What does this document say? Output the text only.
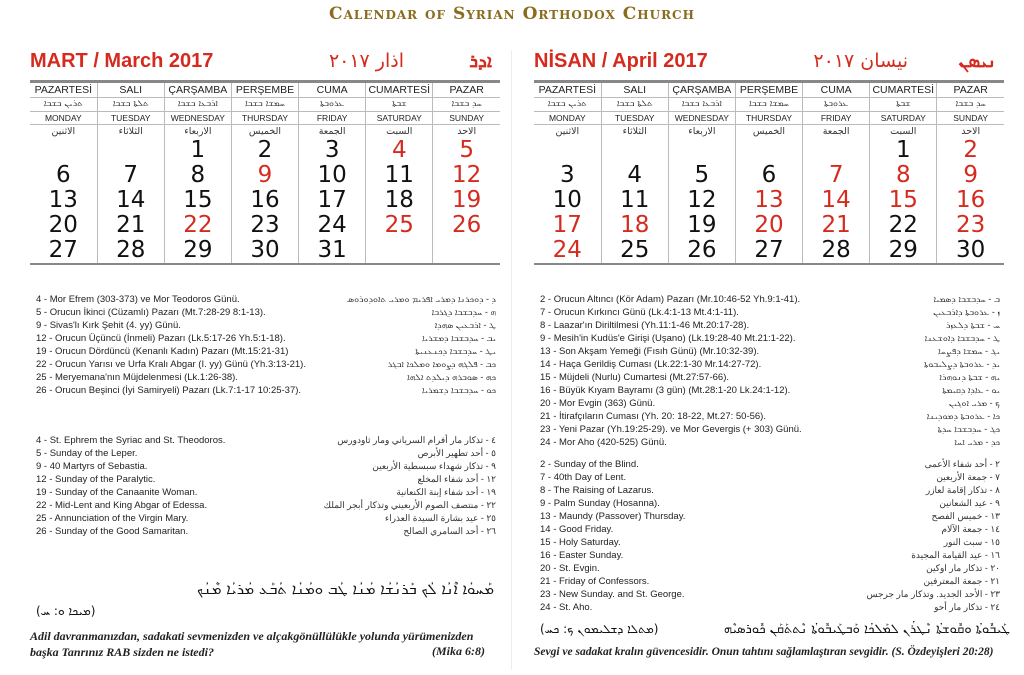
Calendar of Syrian Orthodox Church
MART / March 2017	اذار ٢٠١٧	ܐܕܪ
PAZARTESİ	SALI	ÇARŞAMBA	PERŞEMBE	CUMA	CUMARTESİ	PAZAR
ܬܪܝܢ ܒܫܒܐ	ܬܠܬܐ ܒܫܒܐ	ܐܪܒܥܐ ܒܫܒܐ	ܚܡܫܐ ܒܫܒܐ	ܥܪܘܒܬܐ	ܫܒܬܐ	ܚܕ ܒܫܒܐ
MONDAY	TUESDAY	WEDNESDAY	THURSDAY	FRIDAY	SATURDAY	SUNDAY
الاثنين	الثلاثاء	الاربعاء	الخميس	الجمعة	السبت	الاحد
		1	2	3	4	5
6	7	8	9	10	11	12
13	14	15	16	17	18	19
20	21	22	23	24	25	26
27	28	29	30	31		
4 - Mor Efrem (303-373) ve Mor Teodoros Günü.	ܕ - ܕܘܟܪܢܐ ܕܡܪܝ ܐܦܪܝܡ ܘܡܪܝ ܬܐܘܕܘܪܘܣ
5 - Orucun İkinci (Cüzamlı) Pazarı (Mt.7:28-29 8:1-13).	ܗ - ܚܕܒܫܒܐ ܕܓܪܒܐ
9 - Sivas'lı Kırk Şehit (4. yy) Günü.	ܛ - ܐܪܒܥܝܢ ܣܗܕܐ
12 - Orucun Üçüncü (İnmeli) Pazarı (Lk.5:17-26 Yh.5:1-18).	ܝܒ - ܚܕܒܫܒܐ ܕܡܫܪܝܐ
19 - Orucun Dördüncü (Kenanlı Kadın) Pazarı (Mt.15:21-31)	ܝܛ - ܚܕܒܫܒܐ ܕܟܢܥܢܝܬܐ
22 - Orucun Yarısı ve Urfa Kralı Abgar (I. yy) Günü (Yh.3:13-21).	ܟܒ - ܦܠܓܗ ܕܨܘܡܐ ܘܡܠܟܐ ܐܒܓܪ
25 - Meryemana'nın Müjdelenmesi (Lk.1:26-38).	ܟܗ - ܣܘܒܪܗ ܕܝܠܕܬ ܐܠܗܐ
26 - Orucun Beşinci (İyi Samiryeli) Pazarı (Lk.7:1-17 10:25-37).	ܟܘ - ܚܕܒܫܒܐ ܕܫܡܪܝܐ
4 - St. Ephrem the Syriac and St. Theodoros.	٤ - تذكار مار أفرام السرياني ومار ثاودورس
5 - Sunday of the Leper.	٥ - أحد تطهير الأبرص
9 - 40 Martyrs of Sebastia.	٩ - تذكار شهداء سبسطية الأربعين
12 - Sunday of the Paralytic.	١٢ - أحد شفاء المخلع
19 - Sunday of the Canaanite Woman.	١٩ - أحد شفاء إبنة الكنعانية
22 - Mid-Lent and King Abgar of Edessa.	٢٢ - منتصف الصوم الأربعيني وتذكار أبجر الملك
25 - Annunciation of the Virgin Mary.	٢٥ - عيد بشارة السيدة العذراء
26 - Sunday of the Good Samaritan.	٢٦ - أحد السامري الصالح
NİSAN / April 2017	نيسان ٢٠١٧	ܢܝܣܢ
PAZARTESİ	SALI	ÇARŞAMBA	PERŞEMBE	CUMA	CUMARTESİ	PAZAR
ܬܪܝܢ ܒܫܒܐ	ܬܠܬܐ ܒܫܒܐ	ܐܪܒܥܐ ܒܫܒܐ	ܚܡܫܐ ܒܫܒܐ	ܥܪܘܒܬܐ	ܫܒܬܐ	ܚܕ ܒܫܒܐ
MONDAY	TUESDAY	WEDNESDAY	THURSDAY	FRIDAY	SATURDAY	SUNDAY
الاثنين	الثلاثاء	الاربعاء	الخميس	الجمعة	السبت	الاحد
					1	2
3	4	5	6	7	8	9
10	11	12	13	14	15	16
17	18	19	20	21	22	23
24	25	26	27	28	29	30
2 - Orucun Altıncı (Kör Adam) Pazarı (Mr.10:46-52 Yh.9:1-41).	ܒ - ܚܕܒܫܒܐ ܕܣܡܝܐ
7 - Orucun Kırkıncı Günü (Lk.4:1-13 Mt.4:1-11).	ܙ - ܥܪܘܒܬܐ ܕܐܪܒܥܝܢ
8 - Laazar'ın Diriltilmesi (Yh.11:1-46 Mt.20:17-28).	ܚ - ܫܒܬܐ ܕܠܥܙܪ
9 - Mesih'in Kudüs'e Girişi (Uşano) (Lk.19:28-40 Mt.21:1-22).	ܛ - ܚܕܒܫܒܐ ܕܐܘܫܥܢܐ
13 - Son Akşam Yemeği (Fısıh Günü) (Mr.10:32-39).	ܝܓ - ܚܡܫܐ ܕܦܨܚܐ
14 - Haça Gerildiş Cuması (Lk.22:1-30 Mr.14:27-72).	ܝܕ - ܥܪܘܒܬܐ ܕܨܠܝܒܘܬܐ
15 - Müjdeli (Nurlu) Cumartesi (Mt.27:57-66).	ܝܗ - ܫܒܬܐ ܕܢܘܗܪܐ
16 - Büyük Kıyam Bayramı (3 gün) (Mt.28:1-20 Lk.24:1-12).	ܝܘ - ܥܐܕܐ ܕܩܝܡܬܐ
20 - Mor Evgin (363) Günü.	ܟ - ܡܪܝ ܐܘܓܝܢ
21 - İtirafçıların Cuması (Yh. 20: 18-22, Mt.27: 50-56).	ܟܐ - ܥܪܘܒܬܐ ܕܡܘܕܝܢܐ
23 - Yeni Pazar (Yh.19:25-29). ve Mor Gevergis (+ 303) Günü.	ܟܓ - ܚܕܒܫܒܐ ܚܕܬܐ
24 - Mor Aho (420-525) Günü.	ܟܕ - ܡܪܝ ܐܚܐ
2 - Sunday of the Blind.	٢ - أحد شفاء الأعمى
7 - 40th Day of Lent.	٧ - جمعة الأربعين
8 - The Raising of Lazarus.	٨ - تذكار إقامة لعازر
9 - Palm Sunday (Hosanna).	٩ - عيد الشعانين
13 - Maundy (Passover) Thursday.	١٣ - خميس الفصح
14 - Good Friday.	١٤ - جمعة الآلام
15 - Holy Saturday.	١٥ - سبت النور
16 - Easter Sunday.	١٦ - عيد القيامة المجيدة
20 - St. Evgin.	٢٠ - تذكار مار اوكين
21 - Friday of Confessors.	٢١ - جمعة المعترفين
23 - New Sunday. and St. George.	٢٣ - الأحد الجديد. وتذكار مار جرجس
24 - St. Aho.	٢٤ - تذكار مار أحو
ܡܰܚܘܳܐ ܐܶܢܳܐ ܠܳܟ ܒܰܪܢܳܫܳܐ ܡܳܢܳܐ ܛܳܒ ܘܡܳܢܳܐ ܬܳܒܰܥ ܡܳܪܝܳܐ ܡܶܢܳܟ
(ܡܝܟܐ ܘ: ܚ)
Adil davranmanızdan, sadakati sevmenizden ve alçakgönüllülükle yolunda yürümenizden başka Tanrınız RAB sizden ne istedi?	(Mika 6:8)
ܛܰܝܒܽܘܬܳܐ ܘܩܽܘܫܬܳܐ ܢܶܛܪܳܢ ܠܡܰܠܟܳܐ ܘܰܒܛܰܝܒܽܘܬܳܐ ܢܶܬܬܰܩܰܢ ܟܽܘܪܣܝܶܗ
(ܡܬܠܐ ܕܫܠܝܡܘܢ ܟ: ܟܚ)
Sevgi ve sadakat kralın güvencesidir. Onun tahtını sağlamlaştıran sevgidir. (S. Özdeyişleri 20:28)
